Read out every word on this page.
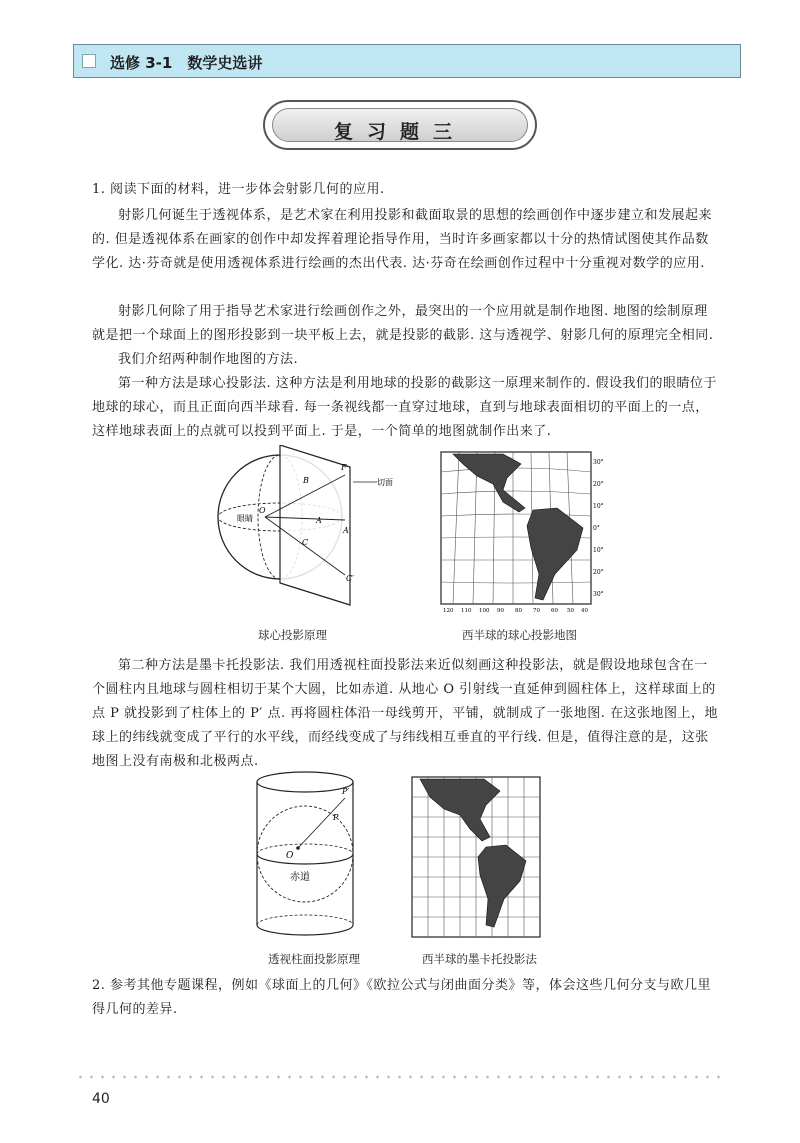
选修 3-1　数学史选讲
复习题三
1. 阅读下面的材料，进一步体会射影几何的应用.
射影几何诞生于透视体系，是艺术家在利用投影和截面取景的思想的绘画创作中逐步建立和发展起来的. 但是透视体系在画家的创作中却发挥着理论指导作用，当时许多画家都以十分的热情试图使其作品数学化. 达·芬奇就是使用透视体系进行绘画的杰出代表. 达·芬奇在绘画创作过程中十分重视对数学的应用.
射影几何除了用于指导艺术家进行绘画创作之外，最突出的一个应用就是制作地图. 地图的绘制原理就是把一个球面上的图形投影到一块平板上去，就是投影的截影. 这与透视学、射影几何的原理完全相同.
我们介绍两种制作地图的方法.
第一种方法是球心投影法. 这种方法是利用地球的投影的截影这一原理来制作的. 假设我们的眼睛位于地球的球心，而且正面向西半球看. 每一条视线都一直穿过地球，直到与地球表面相切的平面上的一点，这样地球表面上的点就可以投到平面上. 于是，一个简单的地图就制作出来了.
切面
眼睛
B
F
A
C
O
A′
C′
30°
20°
10°
0°
10°
20°
30°
120 110 100 90 80 70 60 50 40
球心投影原理	西半球的球心投影地图
第二种方法是墨卡托投影法. 我们用透视柱面投影法来近似刻画这种投影法，就是假设地球包含在一个圆柱内且地球与圆柱相切于某个大圆，比如赤道. 从地心 O 引射线一直延伸到圆柱体上，这样球面上的点 P 就投影到了柱体上的 P′ 点. 再将圆柱体沿一母线剪开，平铺，就制成了一张地图. 在这张地图上，地球上的纬线就变成了平行的水平线，而经线变成了与纬线相互垂直的平行线. 但是，值得注意的是，这张地图上没有南极和北极两点.
O
P
P′
赤道
透视柱面投影原理	西半球的墨卡托投影法
2. 参考其他专题课程，例如《球面上的几何》《欧拉公式与闭曲面分类》等，体会这些几何分支与欧几里得几何的差异.
40
